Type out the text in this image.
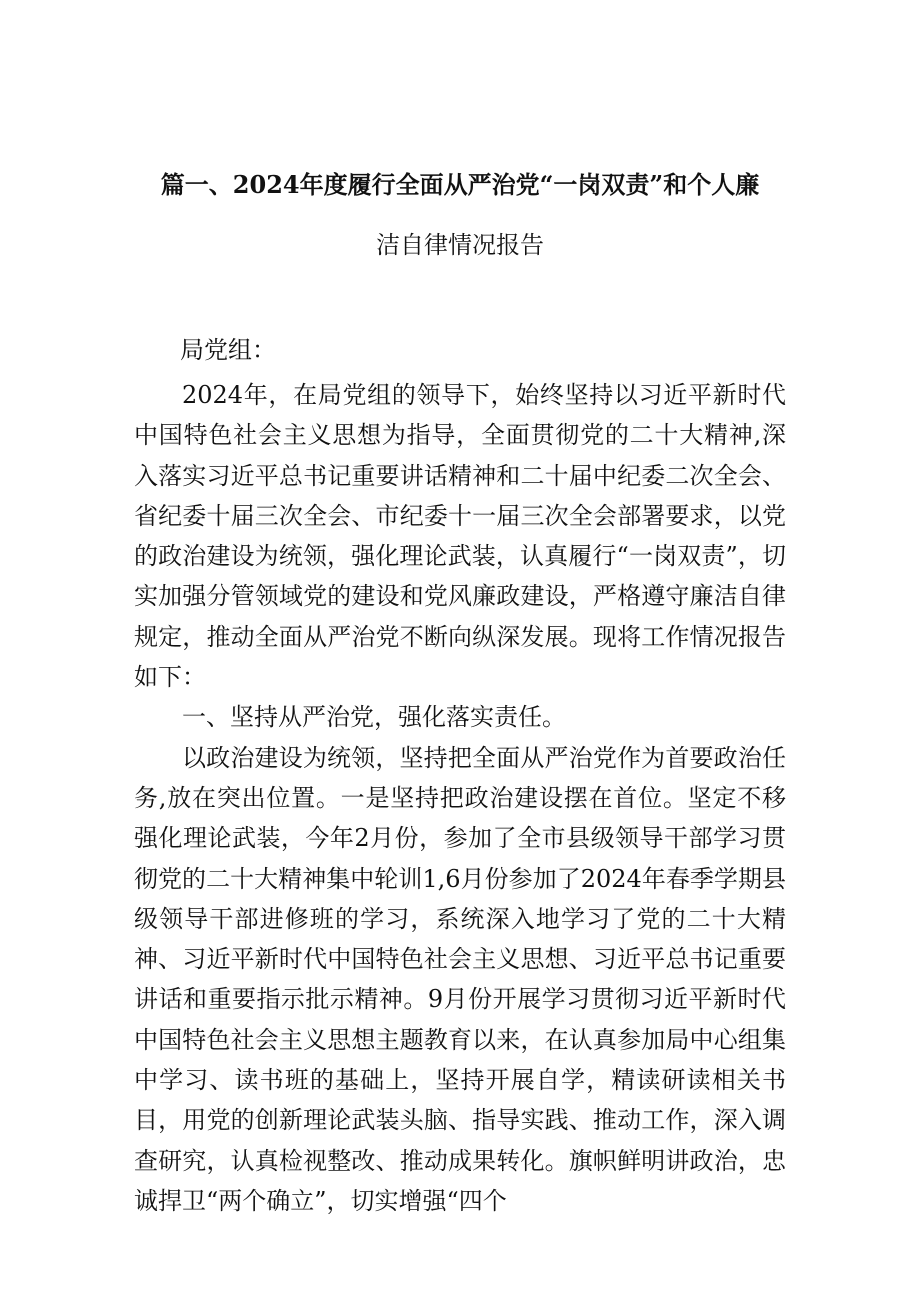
篇一、2024年度履行全面从严治党“一岗双责”和个人廉
洁自律情况报告
局党组：

2024年，在局党组的领导下，始终坚持以习近平新时代中国特色社会主义思想为指导，全面贯彻党的二十大精神,深入落实习近平总书记重要讲话精神和二十届中纪委二次全会、省纪委十届三次全会、市纪委十一届三次全会部署要求，以党的政治建设为统领，强化理论武装，认真履行“一岗双责”，切实加强分管领域党的建设和党风廉政建设，严格遵守廉洁自律规定，推动全面从严治党不断向纵深发展。现将工作情况报告如下：

一、坚持从严治党，强化落实责任。

以政治建设为统领，坚持把全面从严治党作为首要政治任务,放在突出位置。一是坚持把政治建设摆在首位。坚定不移强化理论武装，今年2月份，参加了全市县级领导干部学习贯彻党的二十大精神集中轮训1,6月份参加了2024年春季学期县级领导干部进修班的学习，系统深入地学习了党的二十大精神、习近平新时代中国特色社会主义思想、习近平总书记重要讲话和重要指示批示精神。9月份开展学习贯彻习近平新时代中国特色社会主义思想主题教育以来，在认真参加局中心组集中学习、读书班的基础上，坚持开展自学，精读研读相关书目，用党的创新理论武装头脑、指导实践、推动工作，深入调查研究，认真检视整改、推动成果转化。旗帜鲜明讲政治，忠诚捍卫“两个确立”，切实增强“四个
